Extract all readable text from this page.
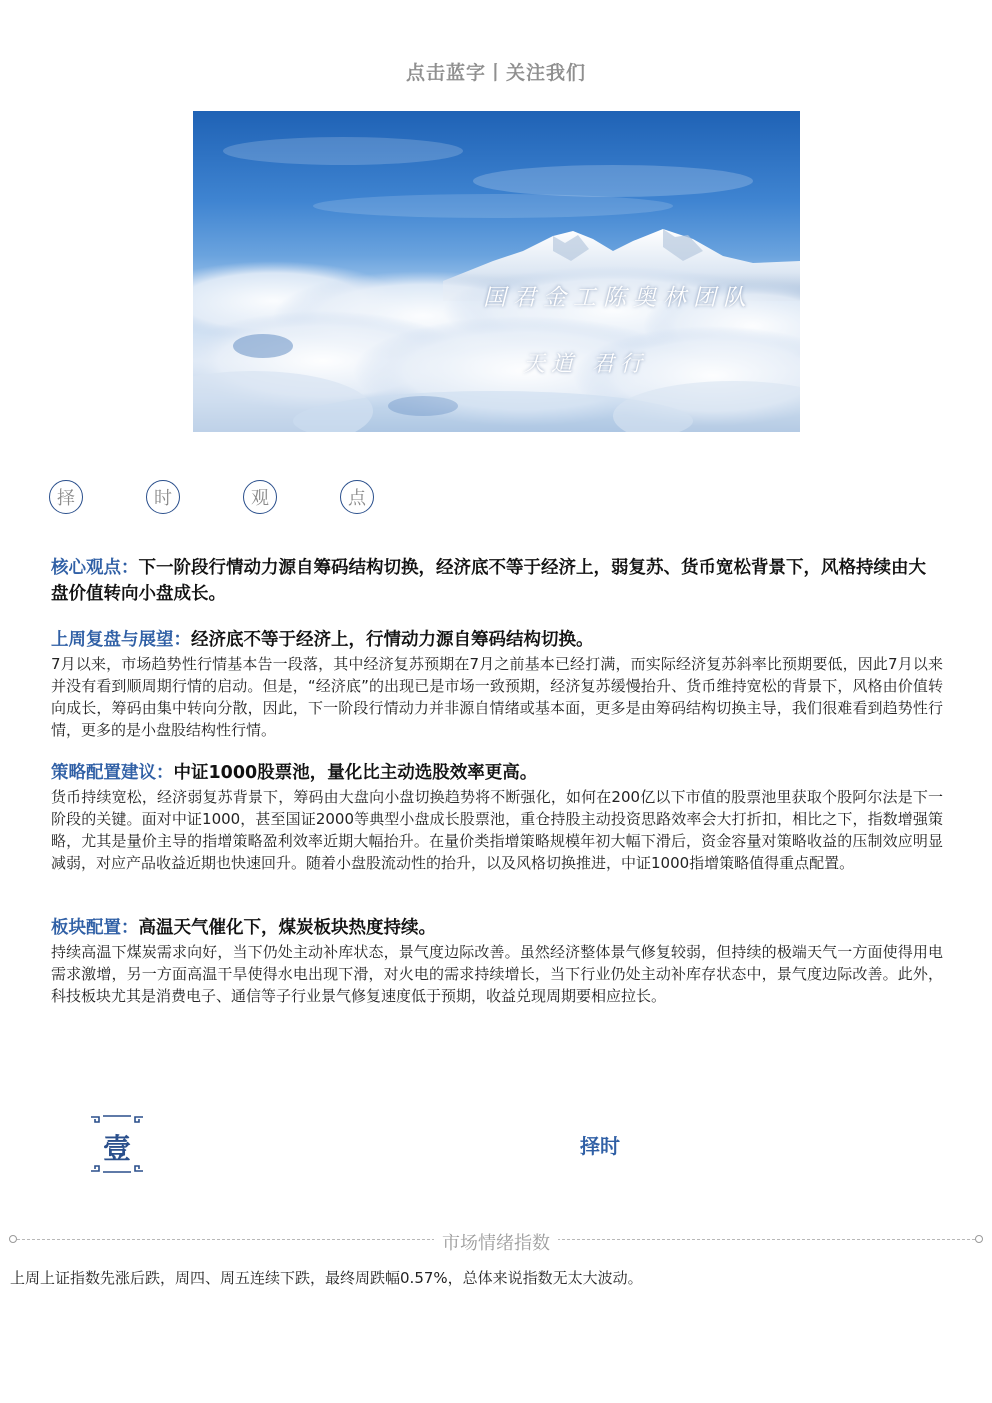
点击蓝字丨关注我们
国君金工陈奥林团队
天道 君行
择	时	观	点
核心观点：下一阶段行情动力源自筹码结构切换，经济底不等于经济上，弱复苏、货币宽松背景下，风格持续由大盘价值转向小盘成长。
上周复盘与展望：经济底不等于经济上，行情动力源自筹码结构切换。
7月以来，市场趋势性行情基本告一段落，其中经济复苏预期在7月之前基本已经打满，而实际经济复苏斜率比预期要低，因此7月以来并没有看到顺周期行情的启动。但是，“经济底”的出现已是市场一致预期，经济复苏缓慢抬升、货币维持宽松的背景下，风格由价值转向成长，筹码由集中转向分散，因此，下一阶段行情动力并非源自情绪或基本面，更多是由筹码结构切换主导，我们很难看到趋势性行情，更多的是小盘股结构性行情。
策略配置建议：中证1000股票池，量化比主动选股效率更高。
货币持续宽松，经济弱复苏背景下，筹码由大盘向小盘切换趋势将不断强化，如何在200亿以下市值的股票池里获取个股阿尔法是下一阶段的关键。面对中证1000，甚至国证2000等典型小盘成长股票池，重仓持股主动投资思路效率会大打折扣，相比之下，指数增强策略，尤其是量价主导的指增策略盈利效率近期大幅抬升。在量价类指增策略规模年初大幅下滑后，资金容量对策略收益的压制效应明显减弱，对应产品收益近期也快速回升。随着小盘股流动性的抬升，以及风格切换推进，中证1000指增策略值得重点配置。
板块配置：高温天气催化下，煤炭板块热度持续。
持续高温下煤炭需求向好，当下仍处主动补库状态，景气度边际改善。虽然经济整体景气修复较弱，但持续的极端天气一方面使得用电需求激增，另一方面高温干旱使得水电出现下滑，对火电的需求持续增长，当下行业仍处主动补库存状态中，景气度边际改善。此外，科技板块尤其是消费电子、通信等子行业景气修复速度低于预期，收益兑现周期要相应拉长。
壹	择时
市场情绪指数
上周上证指数先涨后跌，周四、周五连续下跌，最终周跌幅0.57%，总体来说指数无太大波动。
